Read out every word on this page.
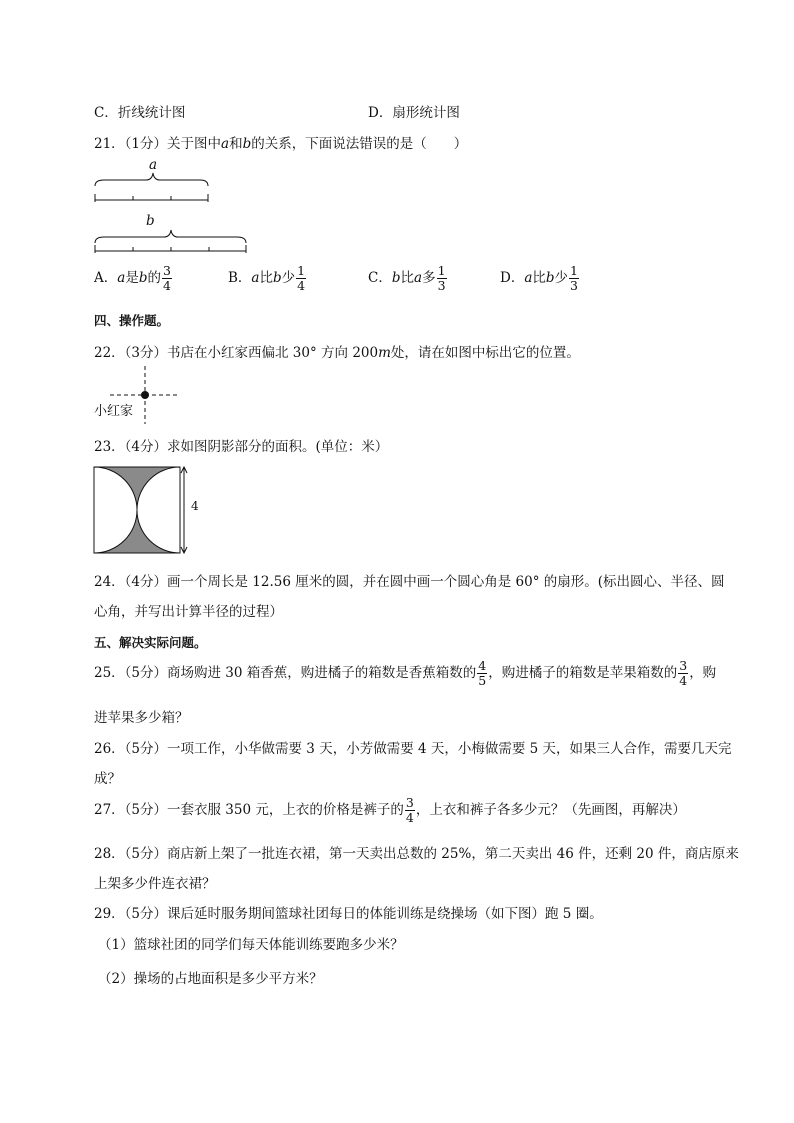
C．折线统计图	D．扇形统计图
21．（1分）关于图中a和b的关系，下面说法错误的是（　　）
a
b
A．a是b的 $\frac{3}{4}$	B．a比b少 $\frac{1}{4}$	C．b比a多 $\frac{1}{3}$	D．a比b少 $\frac{1}{3}$
四、操作题。
22．（3分）书店在小红家西偏北 30° 方向 200m处，请在如图中标出它的位置。
小红家
23．（4分）求如图阴影部分的面积。(单位：米）
4
24．（4分）画一个周长是 12.56 厘米的圆，并在圆中画一个圆心角是 60° 的扇形。(标出圆心、半径、圆
心角，并写出计算半径的过程）
五、解决实际问题。
25．（5分）商场购进 30 箱香蕉，购进橘子的箱数是香蕉箱数的 $\frac{4}{5}$ ，购进橘子的箱数是苹果箱数的 $\frac{3}{4}$ ，购
进苹果多少箱？
26．（5分）一项工作，小华做需要 3 天，小芳做需要 4 天，小梅做需要 5 天，如果三人合作，需要几天完
成？
27．（5分）一套衣服 350 元，上衣的价格是裤子的 $\frac{3}{4}$ ，上衣和裤子各多少元？（先画图，再解决）
28．（5分）商店新上架了一批连衣裙，第一天卖出总数的 25%，第二天卖出 46 件，还剩 20 件，商店原来
上架多少件连衣裙？
29．（5分）课后延时服务期间篮球社团每日的体能训练是绕操场（如下图）跑 5 圈。
（1）篮球社团的同学们每天体能训练要跑多少米？
（2）操场的占地面积是多少平方米？
